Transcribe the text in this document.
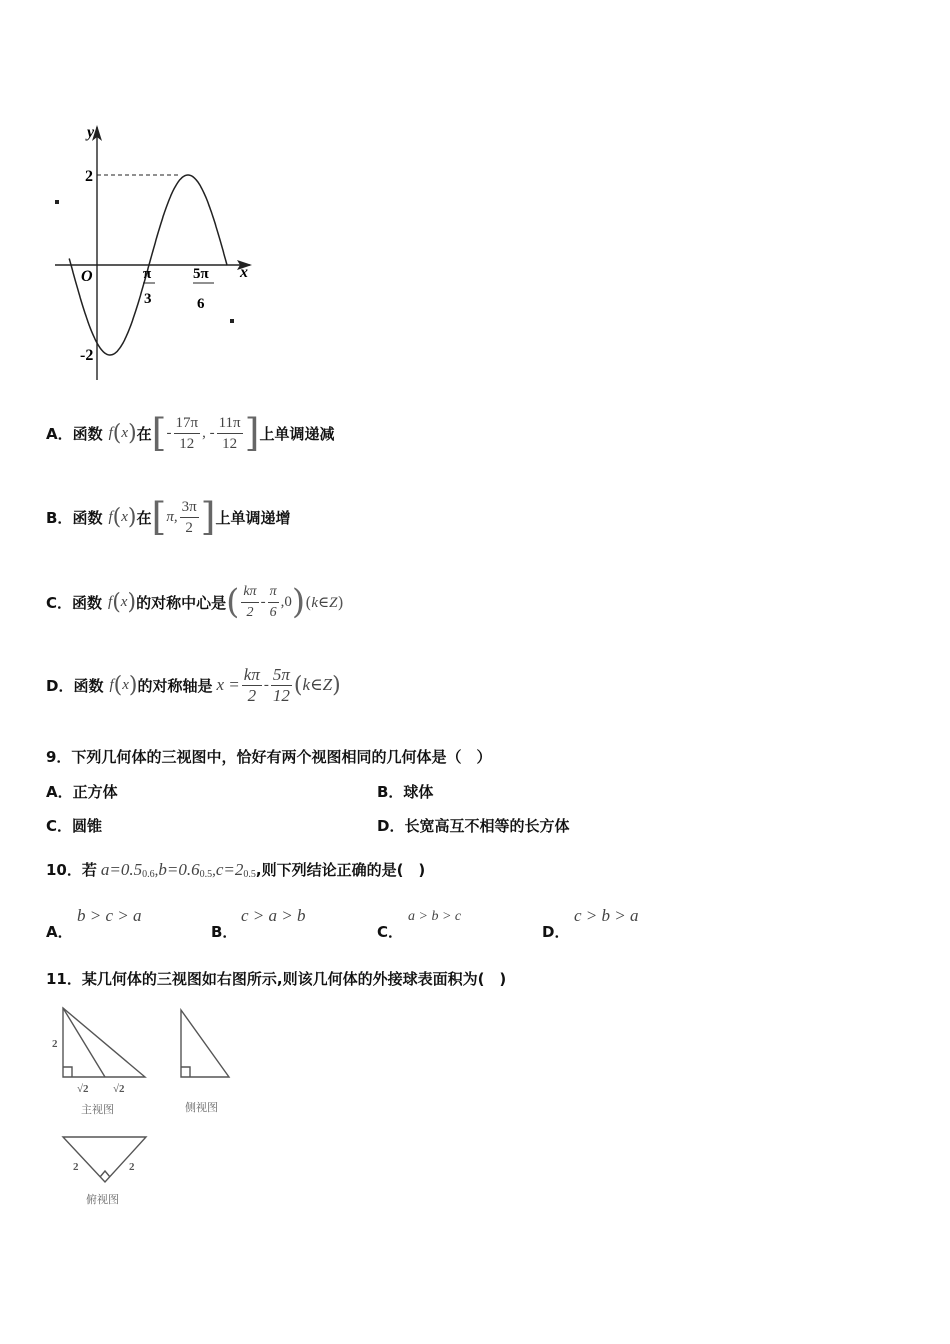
y
x
O
2
-2
π
3
5π
6
A． 函数 f ( x ) 在 [ - $\frac{17\pi}{12}$ , - $\frac{11\pi}{12}$ ] 上单调递减
B． 函数 f ( x ) 在 [ π, $\frac{3\pi}{2}$ ] 上单调递增
C． 函数 f ( x ) 的对称中心是 ( $\frac{k\pi}{2} - \frac{\pi}{6} ,0$ ) ( k∈Z )
D． 函数 f ( x ) 的对称轴是 $x = \frac{k\pi}{2} - \frac{5\pi}{12}$ ( k∈Z )
9．下列几何体的三视图中，恰好有两个视图相同的几何体是（　）
A．正方体	B．球体
C．圆锥	D．长宽高互不相等的长方体
10．若 $a=0.5_{0.6}$ , $b=0.6_{0.5}$ , $c=2_{0.5}$ ,则下列结论正确的是(　)
A．
b > c > a
B．
c > a > b
C．
a > b > c
D．
c > b > a
11．某几何体的三视图如右图所示,则该几何体的外接球表面积为(　)
2
√2 √2
主视图	侧视图
2	2
俯视图
